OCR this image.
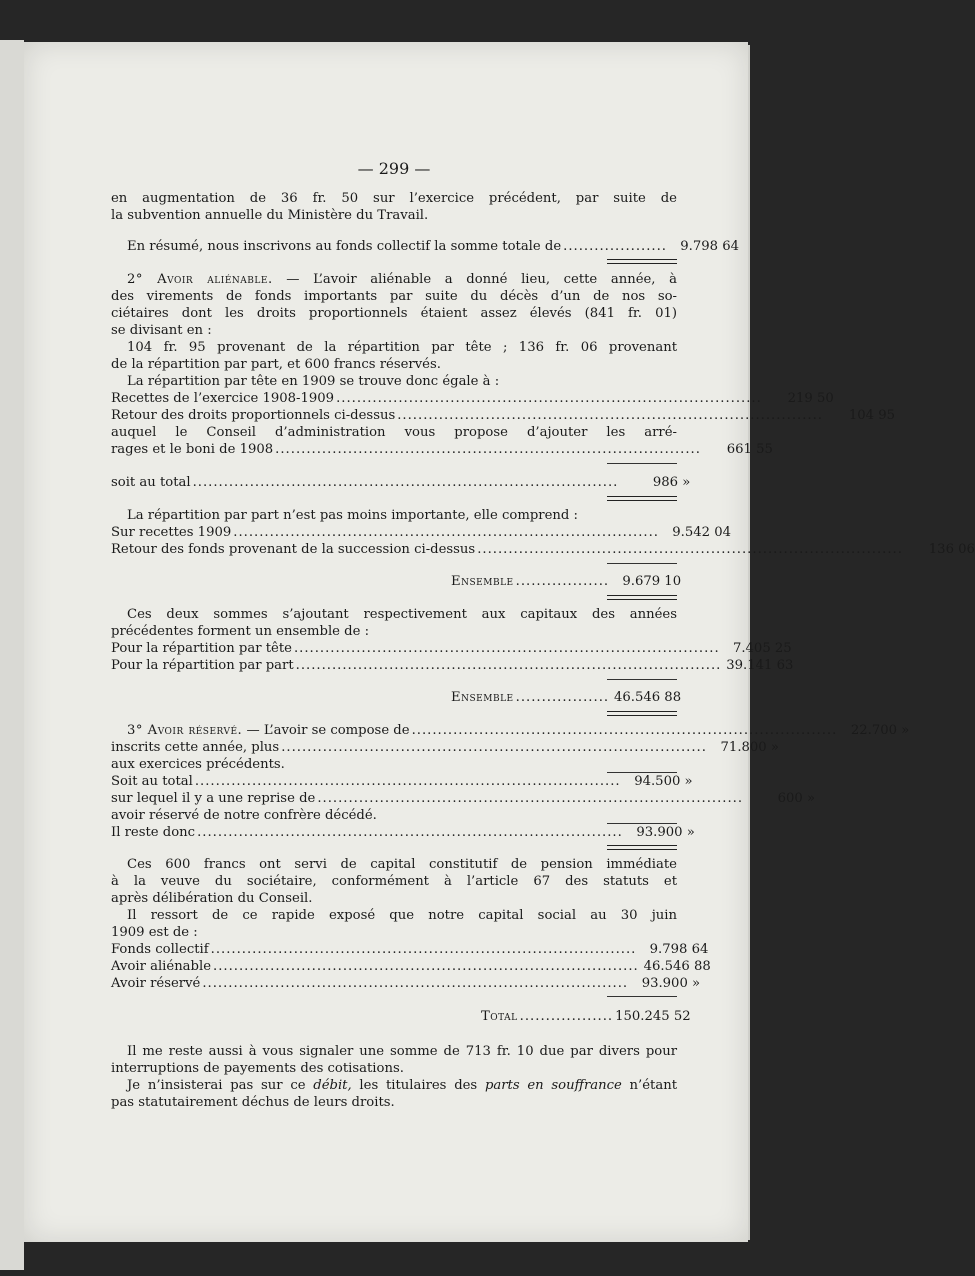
— 299 —
en augmentation de 36 fr. 50 sur l’exercice précédent, par suite de
la subvention annuelle du Ministère du Travail.
En résumé, nous inscrivons au fonds collectif la somme totale de ....................	9.798 64
2° Avoir aliénable. — L’avoir aliénable a donné lieu, cette année, à
des virements de fonds importants par suite du décès d’un de nos so-
ciétaires dont les droits proportionnels étaient assez élevés (841 fr. 01)
se divisant en :
104 fr. 95 provenant de la répartition par tête ; 136 fr. 06 provenant
de la répartition par part, et 600 francs réservés.
La répartition par tête en 1909 se trouve donc égale à :
Recettes de l’exercice 1908-1909 ..................................................................................	219 50
Retour des droits proportionnels ci-dessus ..................................................................................	104 95
auquel le Conseil d’administration vous propose d’ajouter les arré-
rages et le boni de 1908 ..................................................................................	661 55
soit au total ..................................................................................	986 »
La répartition par part n’est pas moins importante, elle comprend :
Sur recettes 1909 ..................................................................................	9.542 04
Retour des fonds provenant de la succession ci-dessus ..................................................................................	136 06
Ensemble ..................	9.679 10
Ces deux sommes s’ajoutant respectivement aux capitaux des années
précédentes forment un ensemble de :
Pour la répartition par tête ..................................................................................	7.405 25
Pour la répartition par part .................................................................................. 39.141 63
Ensemble .................. 46.546 88
3° Avoir réservé. — L’avoir se compose de ..................................................................................	22.700 »
inscrits cette année, plus ..................................................................................	71.800 »
aux exercices précédents.
Soit au total ..................................................................................	94.500 »
sur lequel il y a une reprise de ..................................................................................	600 »
avoir réservé de notre confrère décédé.
Il reste donc ..................................................................................	93.900 »
Ces 600 francs ont servi de capital constitutif de pension immédiate
à la veuve du sociétaire, conformément à l’article 67 des statuts et
après délibération du Conseil.
Il ressort de ce rapide exposé que notre capital social au 30 juin
1909 est de :
Fonds collectif ..................................................................................	9.798 64
Avoir aliénable .................................................................................. 46.546 88
Avoir réservé ..................................................................................	93.900 »
Total .................. 150.245 52
Il me reste aussi à vous signaler une somme de 713 fr. 10 due par divers pour
interruptions de payements des cotisations.
Je n’insisterai pas sur ce débit, les titulaires des parts en souffrance n’étant
pas statutairement déchus de leurs droits.
